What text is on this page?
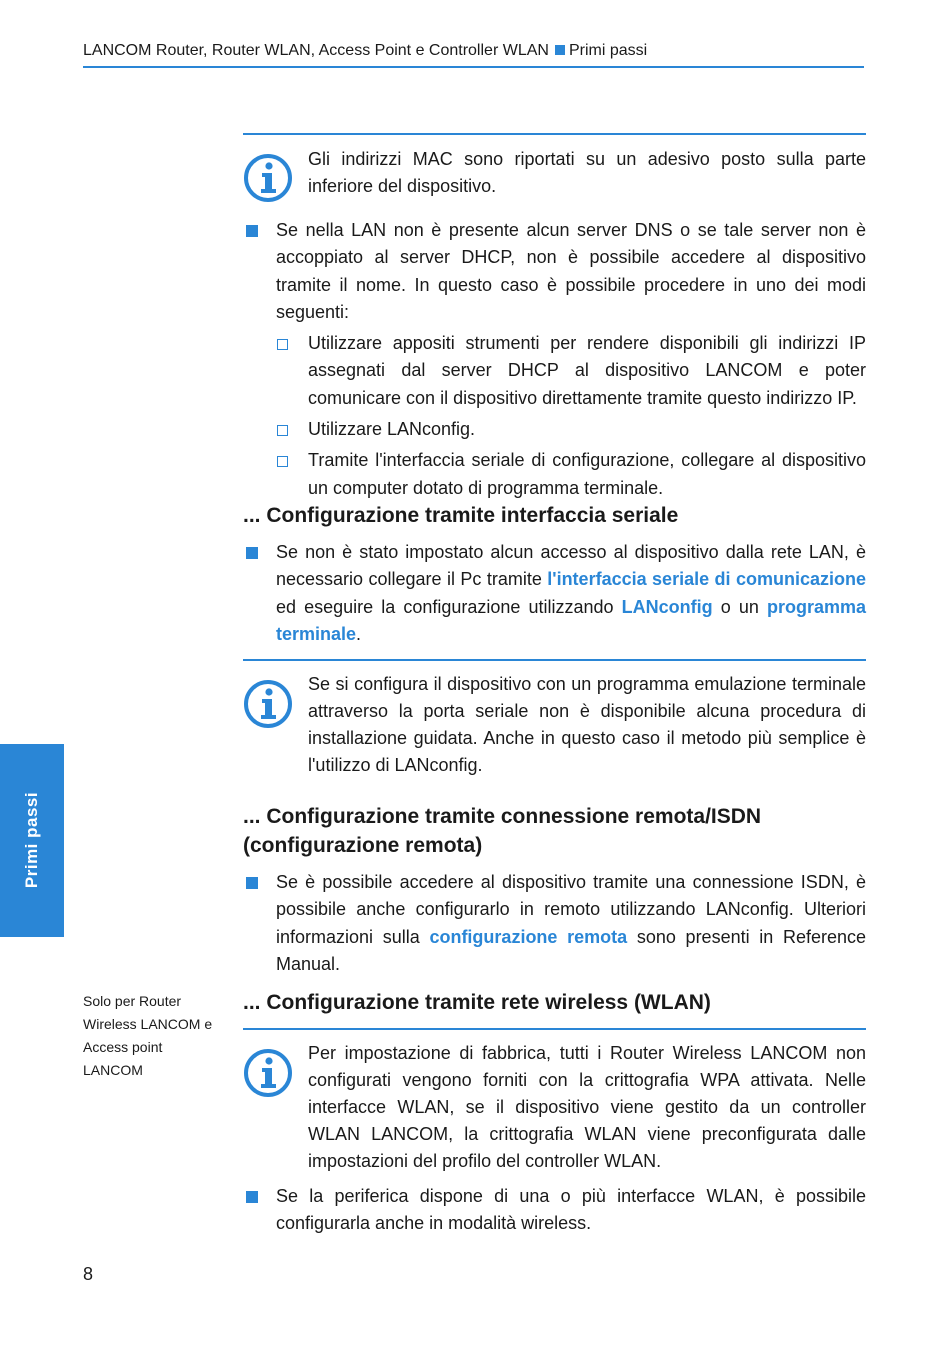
LANCOM Router, Router WLAN, Access Point e Controller WLAN Primi passi
Primi passi
Solo per Router Wireless LANCOM e Access point LANCOM
8
Gli indirizzi MAC sono riportati su un adesivo posto sulla parte inferiore del dispositivo.
Se nella LAN non è presente alcun server DNS o se tale server non è accoppiato al server DHCP, non è possibile accedere al dispositivo tramite il nome. In questo caso è possibile procedere in uno dei modi seguenti:
Utilizzare appositi strumenti per rendere disponibili gli indirizzi IP assegnati dal server DHCP al dispositivo LANCOM e poter comunicare con il dispositivo direttamente tramite questo indirizzo IP.
Utilizzare LANconfig.
Tramite l'interfaccia seriale di configurazione, collegare al dispositivo un computer dotato di programma terminale.
... Configurazione tramite interfaccia seriale
Se non è stato impostato alcun accesso al dispositivo dalla rete LAN, è necessario collegare il Pc tramite l'interfaccia seriale di comunicazione ed eseguire la configurazione utilizzando LANconfig o un programma terminale.
Se si configura il dispositivo con un programma emulazione terminale attraverso la porta seriale non è disponibile alcuna procedura di installazione guidata. Anche in questo caso il metodo più semplice è l'utilizzo di LANconfig.
... Configurazione tramite connessione remota/ISDN
(configurazione remota)
Se è possibile accedere al dispositivo tramite una connessione ISDN, è possibile anche configurarlo in remoto utilizzando LANconfig. Ulteriori informazioni sulla configurazione remota sono presenti in Reference Manual.
... Configurazione tramite rete wireless (WLAN)
Per impostazione di fabbrica, tutti i Router Wireless LANCOM non configurati vengono forniti con la crittografia WPA attivata. Nelle interfacce WLAN, se il dispositivo viene gestito da un controller WLAN LANCOM, la crittografia WLAN viene preconfigurata dalle impostazioni del profilo del controller WLAN.
Se la periferica dispone di una o più interfacce WLAN, è possibile configurarla anche in modalità wireless.
